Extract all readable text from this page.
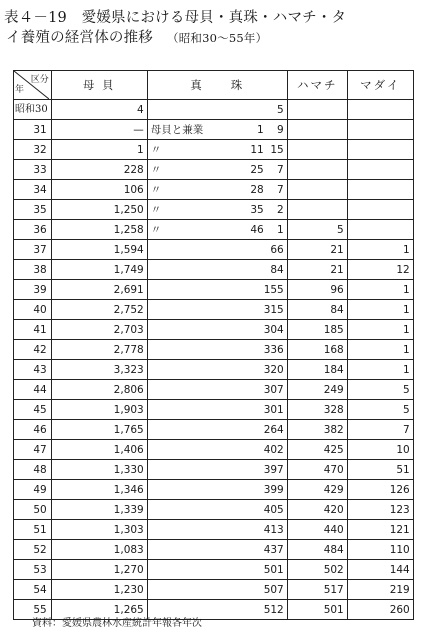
表４－19　愛媛県における母貝・真珠・ハマチ・タ
イ養殖の経営体の推移 （昭和30～55年）
区分
年	母 貝	真　　珠	ハマチ	マダイ
昭和30	4	5		

31	—	母貝と兼業 1 9		

32	1	〃 11 15		

33	228	〃 25 7		

34	106	〃 28 7		

35	1,250	〃 35 2		

36	1,258	〃 46 1	5	
37	1,594	66	21	1
38	1,749	84	21	12
39	2,691	155	96	1
40	2,752	315	84	1
41	2,703	304	185	1
42	2,778	336	168	1
43	3,323	320	184	1
44	2,806	307	249	5
45	1,903	301	328	5
46	1,765	264	382	7
47	1,406	402	425	10
48	1,330	397	470	51
49	1,346	399	429	126
50	1,339	405	420	123
51	1,303	413	440	121
52	1,083	437	484	110
53	1,270	501	502	144
54	1,230	507	517	219
55	1,265	512	501	260
資料：愛媛県農林水産統計年報各年次
